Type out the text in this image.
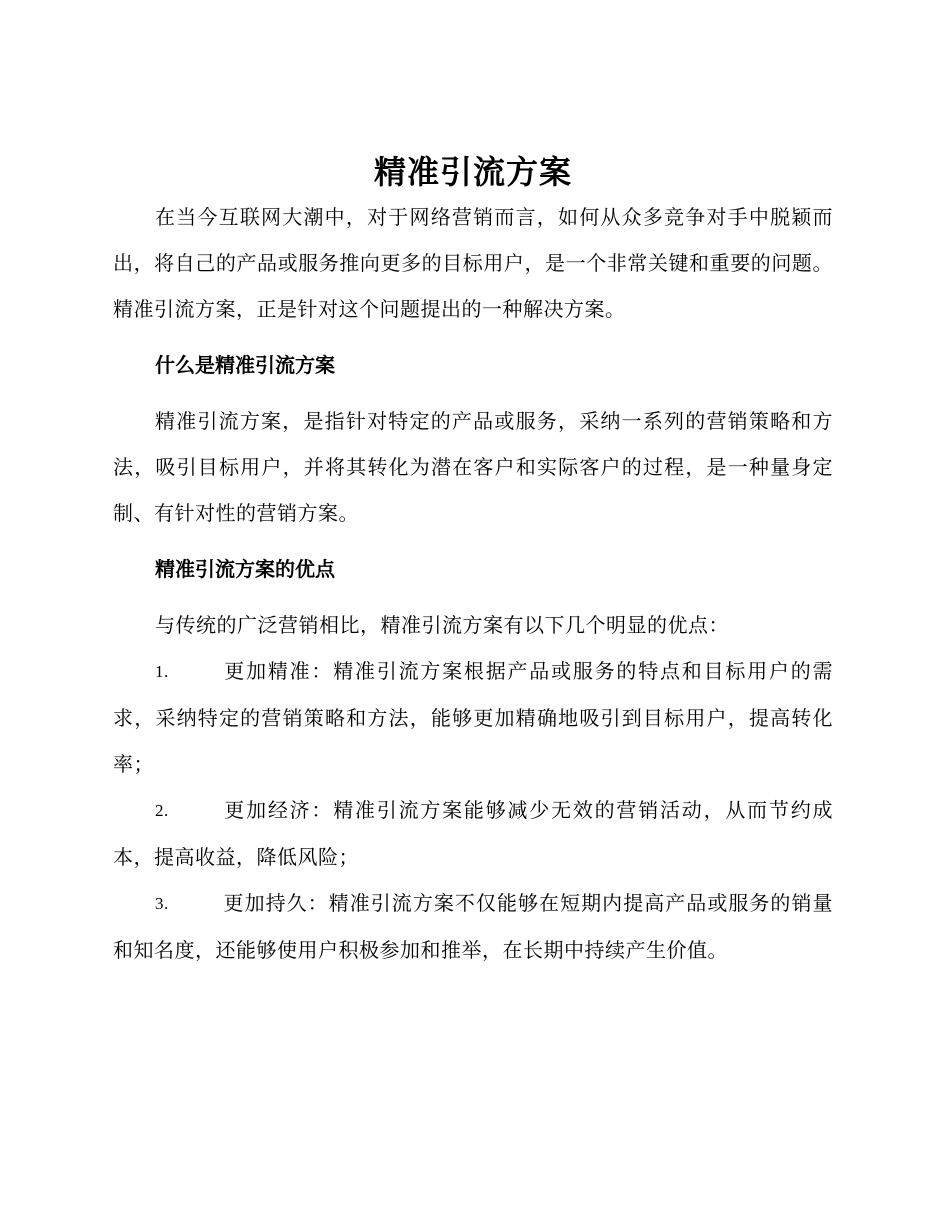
精准引流方案

在当今互联网大潮中，对于网络营销而言，如何从众多竞争对手中脱颖而出，将自己的产品或服务推向更多的目标用户，是一个非常关键和重要的问题。精准引流方案，正是针对这个问题提出的一种解决方案。

什么是精准引流方案

精准引流方案，是指针对特定的产品或服务，采纳一系列的营销策略和方法，吸引目标用户，并将其转化为潜在客户和实际客户的过程，是一种量身定制、有针对性的营销方案。

精准引流方案的优点

与传统的广泛营销相比，精准引流方案有以下几个明显的优点：

1.	更加精准：精准引流方案根据产品或服务的特点和目标用户的需求，采纳特定的营销策略和方法，能够更加精确地吸引到目标用户，提高转化率；

2.	更加经济：精准引流方案能够减少无效的营销活动，从而节约成本，提高收益，降低风险；

3.	更加持久：精准引流方案不仅能够在短期内提高产品或服务的销量和知名度，还能够使用户积极参加和推举，在长期中持续产生价值。
